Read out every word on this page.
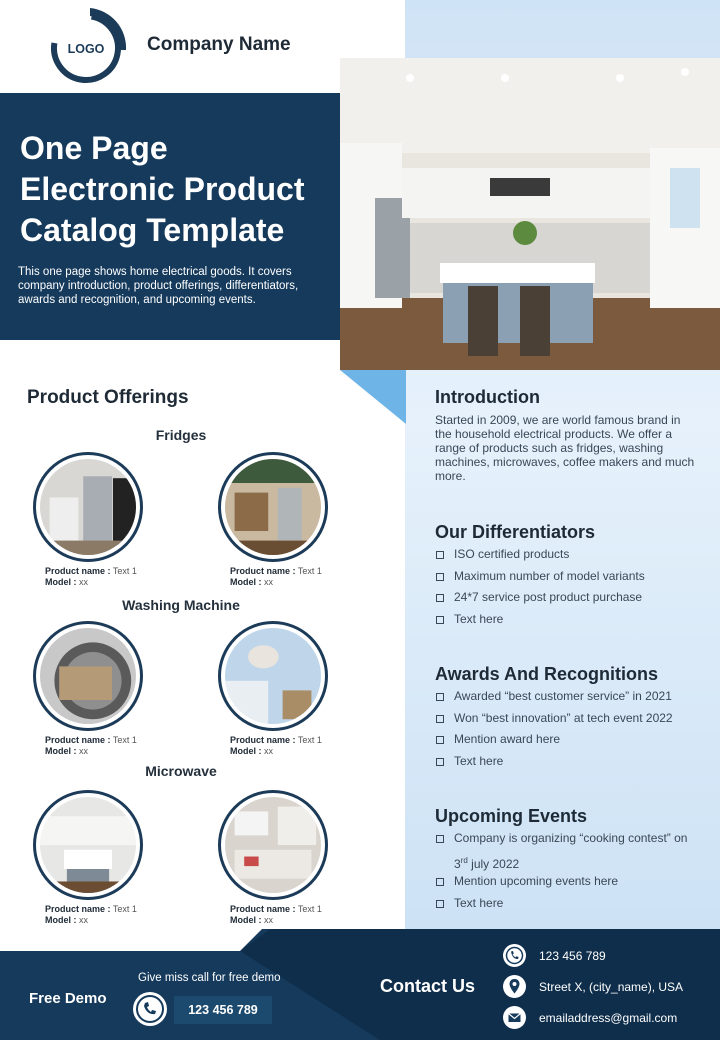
LOGO Company Name
One Page
Electronic Product
Catalog Template
This one page shows home electrical goods. It covers company introduction, product offerings, differentiators, awards and recognition, and upcoming events.
Product Offerings
Fridges
Product name : Text 1
Model : xx
Product name : Text 1
Model : xx
Washing Machine
Product name : Text 1
Model : xx
Product name : Text 1
Model : xx
Microwave
Product name : Text 1
Model : xx
Product name : Text 1
Model : xx
Introduction
Started in 2009, we are world famous brand in the household electrical products. We offer a range of products such as fridges, washing machines, microwaves, coffee makers and much more.
Our Differentiators
ISO certified products
Maximum number of model variants
24*7 service post product purchase
Text here
Awards And Recognitions
Awarded “best customer service” in 2021
Won “best innovation” at tech event 2022
Mention award here
Text here
Upcoming Events
Company is organizing “cooking contest” on
3rd july 2022
Mention upcoming events here
Text here
Free Demo
Give miss call for free demo
123 456 789
Contact Us
123 456 789
Street X, (city_name), USA
emailaddress@gmail.com
